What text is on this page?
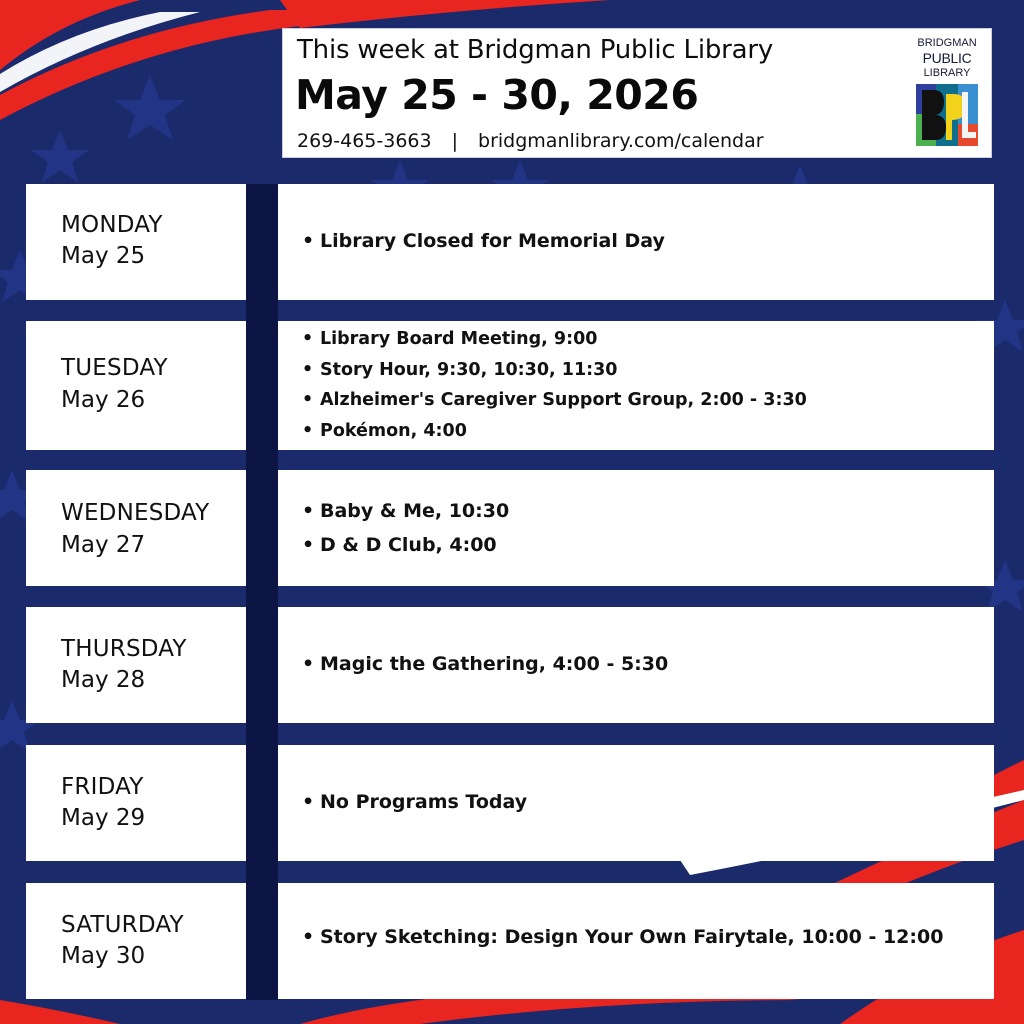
This week at Bridgman Public Library
May 25 - 30, 2026
269-465-3663 | bridgmanlibrary.com/calendar
BRIDGMAN
PUBLIC
LIBRARY
MONDAY
May 25
• Library Closed for Memorial Day
TUESDAY
May 26
• Library Board Meeting, 9:00
• Story Hour, 9:30, 10:30, 11:30
• Alzheimer's Caregiver Support Group, 2:00 - 3:30
• Pokémon, 4:00
WEDNESDAY
May 27
• Baby & Me, 10:30
• D & D Club, 4:00
THURSDAY
May 28
• Magic the Gathering, 4:00 - 5:30
FRIDAY
May 29
• No Programs Today
SATURDAY
May 30
• Story Sketching: Design Your Own Fairytale, 10:00 - 12:00
